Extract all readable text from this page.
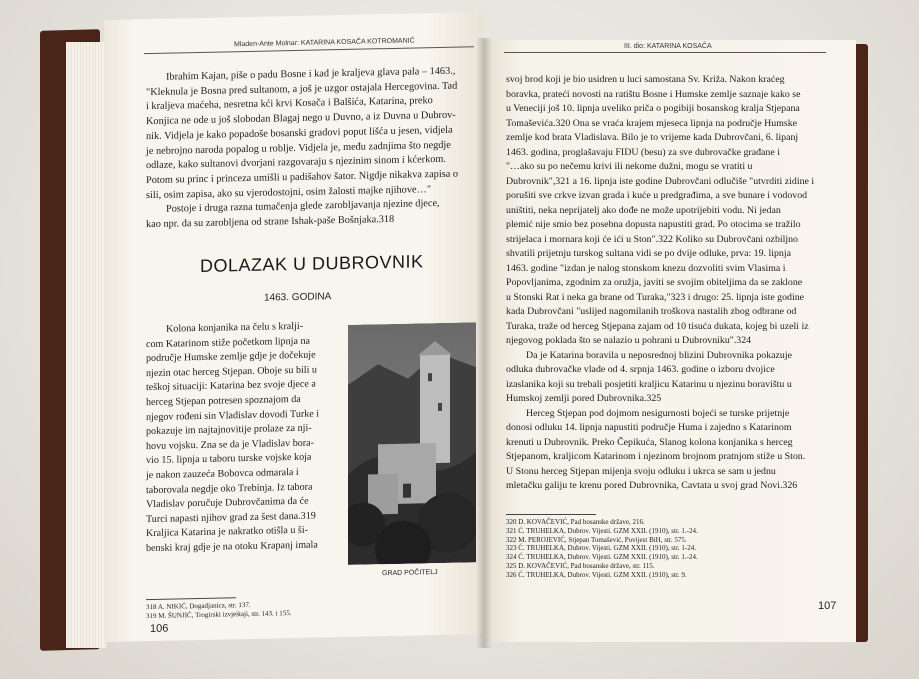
Mladen-Ante Molnar: KATARINA KOSAČA KOTROMANIĆ

Ibrahim Kajan, piše o padu Bosne i kad je kraljeva glava pala – 1463.,

"Kleknula je Bosna pred sultanom, a još je uzgor ostajala Hercegovina. Tad

i kraljeva maćeha, nesretna kći krvi Kosača i Balšića, Katarina, preko

Konjica ne ode u još slobodan Blagaj nego u Duvno, a iz Duvna u Dubrov-

nik. Vidjela je kako popadoše bosanski gradovi poput lišća u jesen, vidjela

je nebrojno naroda popalog u roblje. Vidjela je, među zadnjima što negdje

odlaze, kako sultanovi dvorjani razgovaraju s njezinim sinom i kćerkom.

Potom su princ i princeza umišli u padišahov šator. Nigdje nikakva zapisa o

sili, osim zapisa, ako su vjerodostojni, osim žalosti majke njihove…"

Postoje i druga razna tumačenja glede zarobljavanja njezine djece,

kao npr. da su zarobljena od strane Ishak-paše Bošnjaka.318

DOLAZAK U DUBROVNIK
1463. GODINA

Kolona konjanika na čelu s kralji-

com Katarinom stiže početkom lipnja na

područje Humske zemlje gdje je dočekuje

njezin otac herceg Stjepan. Oboje su bili u

teškoj situaciji: Katarina bez svoje djece a

herceg Stjepan potresen spoznajom da

njegov rođeni sin Vladislav dovodi Turke i

pokazuje im najtajnovitije prolaze za nji-

hovu vojsku. Zna se da je Vladislav bora-

vio 15. lipnja u taboru turske vojske koja

je nakon zauzeća Bobovca odmarala i

taborovala negdje oko Trebinja. Iz tabora

Vladislav poručuje Dubrovčanima da će

Turci napasti njihov grad za šest dana.319

Kraljica Katarina je nakratko otišla u ši-

benski kraj gdje je na otoku Krapanj imala

GRAD POČITELJ
318 A. NIKIĆ, Dogadjanica, str. 137.
319 M. ŠUNJIĆ, Trogirski izvještaji, str. 143. i 155.
106
III. dio: KATARINA KOSAČA

svoj brod koji je bio usidren u luci samostana Sv. Križa. Nakon kraćeg

boravka, prateći novosti na ratištu Bosne i Humske zemlje saznaje kako se

u Veneciji još 10. lipnja uveliko priča o pogibiji bosanskog kralja Stjepana

Tomaševića.320 Ona se vraća krajem mjeseca lipnja na područje Humske

zemlje kod brata Vladislava. Bilo je to vrijeme kada Dubrovčani, 6. lipanj

1463. godina, proglašavaju FIDU (besu) za sve dubrovačke građane i

"…ako su po nečemu krivi ili nekome dužni, mogu se vratiti u

Dubrovnik",321 a 16. lipnja iste godine Dubrovčani odlučiše "utvrditi zidine i

porušiti sve crkve izvan grada i kuće u predgrađima, a sve bunare i vodovod

uništiti, neka neprijatelj ako dođe ne može upotrijebiti vodu. Ni jedan

plemić nije smio bez posebna dopusta napustiti grad. Po otocima se tražilo

strijelaca i mornara koji će ići u Ston".322 Koliko su Dubrovčani ozbiljno

shvatili prijetnju turskog sultana vidi se po dvije odluke, prva: 19. lipnja

1463. godine "izdan je nalog stonskom knezu dozvoliti svim Vlasima i

Popovljanima, zgodnim za oružja, javiti se svojim obiteljima da se zaklone

u Stonski Rat i neka ga brane od Turaka,"323 i drugo: 25. lipnja iste godine

kada Dubrovčani "uslijed nagomilanih troškova nastalih zbog odbrane od

Turaka, traže od herceg Stjepana zajam od 10 tisuća dukata, kojeg bi uzeli iz

njegovog poklada što se nalazio u pohrani u Dubrovniku".324

Da je Katarina boravila u neposrednoj blizini Dubrovnika pokazuje

odluka dubrovačke vlade od 4. srpnja 1463. godine o izboru dvojice

izaslanika koji su trebali posjetiti kraljicu Katarinu u njezinu boravištu u

Humskoj zemlji pored Dubrovnika.325

Herceg Stjepan pod dojmom nesigurnosti bojeći se turske prijetnje

donosi odluku 14. lipnja napustiti područje Huma i zajedno s Katarinom

krenuti u Dubrovnik. Preko Čepikuća, Slanog kolona konjanika s herceg

Stjepanom, kraljicom Katarinom i njezinom brojnom pratnjom stiže u Ston.

U Stonu herceg Stjepan mijenja svoju odluku i ukrca se sam u jednu

mletačku galiju te krenu pored Dubrovnika, Cavtata u svoj grad Novi.326

320 D. KOVAČEVIĆ, Pad bosanske države, 216.
321 Ć. TRUHELKA, Dubrov. Vijesti. GZM XXII. (1910), str. 1.-24.
322 M. PEROJEVIĆ, Stjepan Tomašević, Povijest BiH, str. 575.
323 Ć. TRUHELKA, Dubrov. Vijesti. GZM XXII. (1910), str. 1-24.
324 Ć. TRUHELKA, Dubrov. Vijesti. GZM XXII. (1910), str. 1.-24.
325 D. KOVAČEVIĆ, Pad bosanske države, str. 115.
326 Ć. TRUHELKA, Dubrov. Vijesti. GZM XXII. (1910), str. 9.
107
